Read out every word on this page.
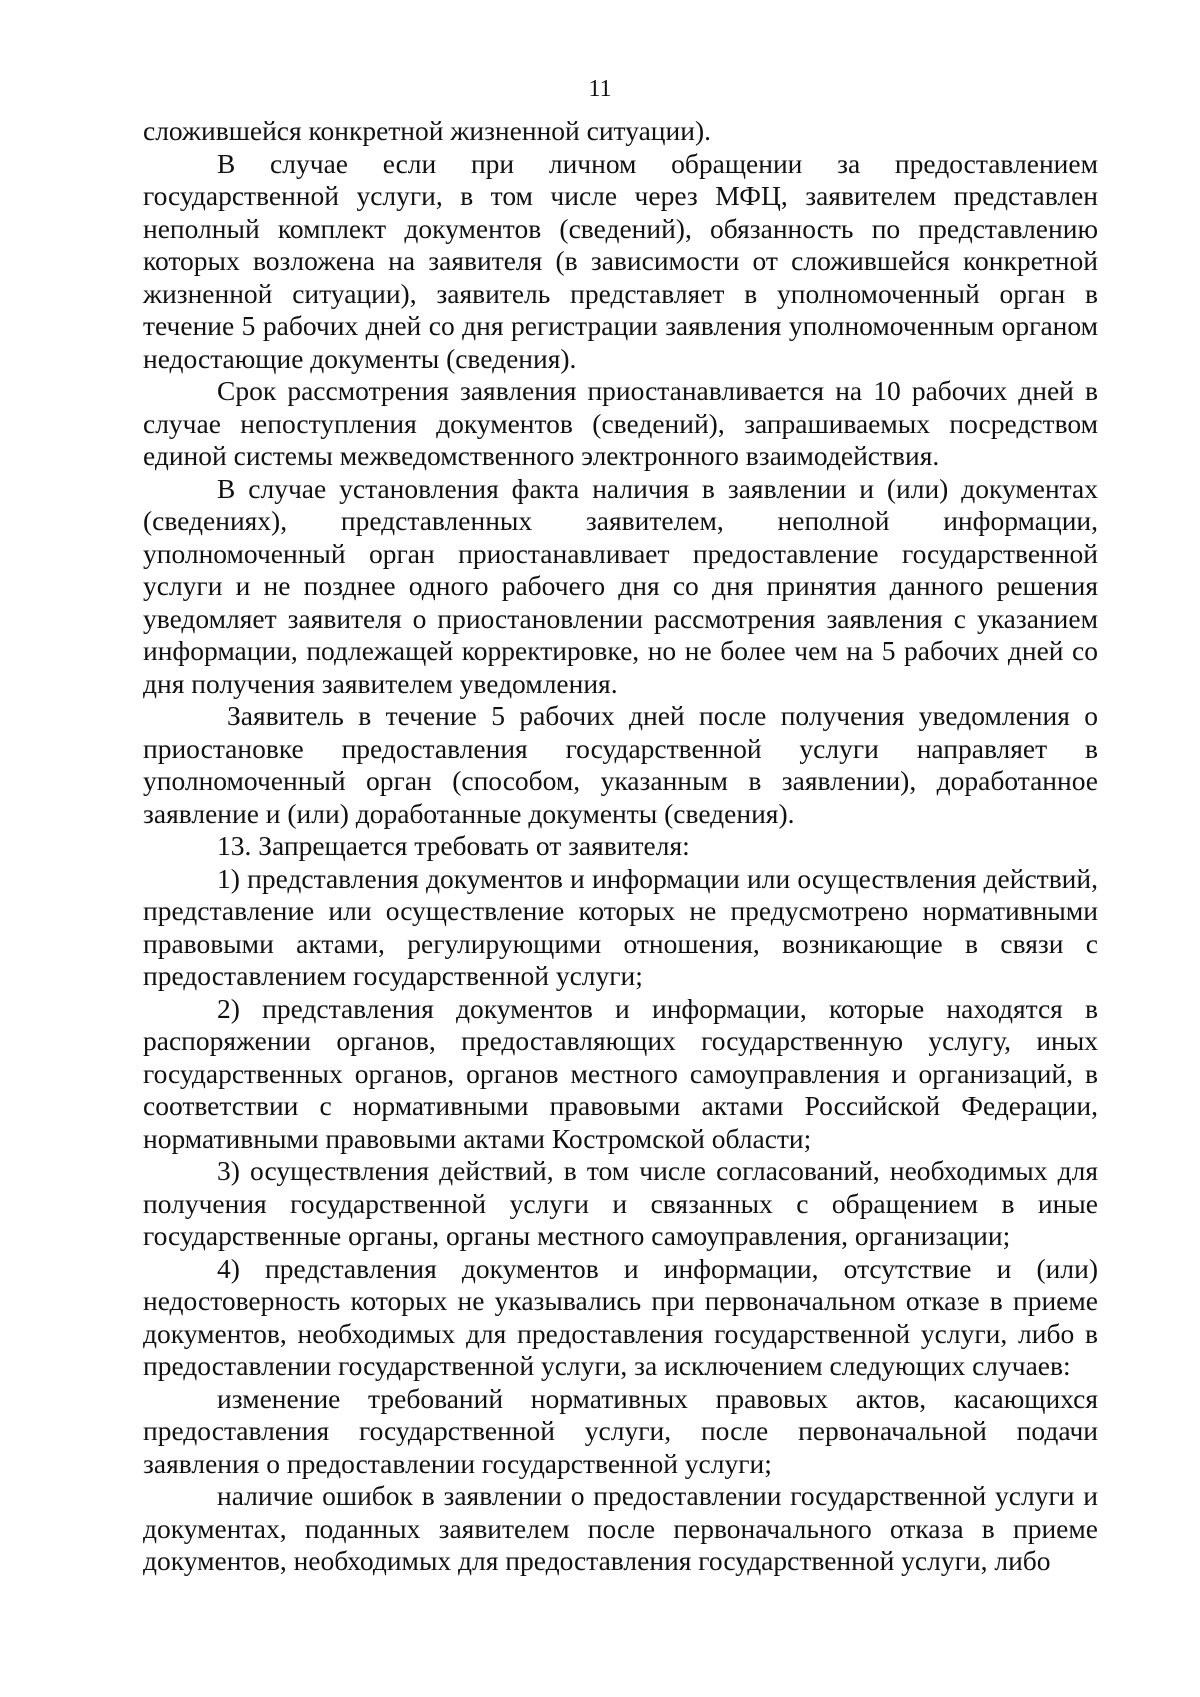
11

сложившейся конкретной жизненной ситуации).

В случае если при личном обращении за предоставлением государственной услуги, в том числе через МФЦ, заявителем представлен неполный комплект документов (сведений), обязанность по представлению которых возложена на заявителя (в зависимости от сложившейся конкретной жизненной ситуации), заявитель представляет в уполномоченный орган в течение 5 рабочих дней со дня регистрации заявления уполномоченным органом недостающие документы (сведения).

Срок рассмотрения заявления приостанавливается на 10 рабочих дней в случае непоступления документов (сведений), запрашиваемых посредством единой системы межведомственного электронного взаимодействия.

В случае установления факта наличия в заявлении и (или) документах (сведениях), представленных заявителем, неполной информации, уполномоченный орган приостанавливает предоставление государственной услуги и не позднее одного рабочего дня со дня принятия данного решения уведомляет заявителя о приостановлении рассмотрения заявления с указанием информации, подлежащей корректировке, но не более чем на 5 рабочих дней со дня получения заявителем уведомления.

Заявитель в течение 5 рабочих дней после получения уведомления о приостановке предоставления государственной услуги направляет в уполномоченный орган (способом, указанным в заявлении), доработанное заявление и (или) доработанные документы (сведения).

13. Запрещается требовать от заявителя:

1) представления документов и информации или осуществления действий, представление или осуществление которых не предусмотрено нормативными правовыми актами, регулирующими отношения, возникающие в связи с предоставлением государственной услуги;

2) представления документов и информации, которые находятся в распоряжении органов, предоставляющих государственную услугу, иных государственных органов, органов местного самоуправления и организаций, в соответствии с нормативными правовыми актами Российской Федерации, нормативными правовыми актами Костромской области;

3) осуществления действий, в том числе согласований, необходимых для получения государственной услуги и связанных с обращением в иные государственные органы, органы местного самоуправления, организации;

4) представления документов и информации, отсутствие и (или) недостоверность которых не указывались при первоначальном отказе в приеме документов, необходимых для предоставления государственной услуги, либо в предоставлении государственной услуги, за исключением следующих случаев:

изменение требований нормативных правовых актов, касающихся предоставления государственной услуги, после первоначальной подачи заявления о предоставлении государственной услуги;

наличие ошибок в заявлении о предоставлении государственной услуги и документах, поданных заявителем после первоначального отказа в приеме документов, необходимых для предоставления государственной услуги, либо
